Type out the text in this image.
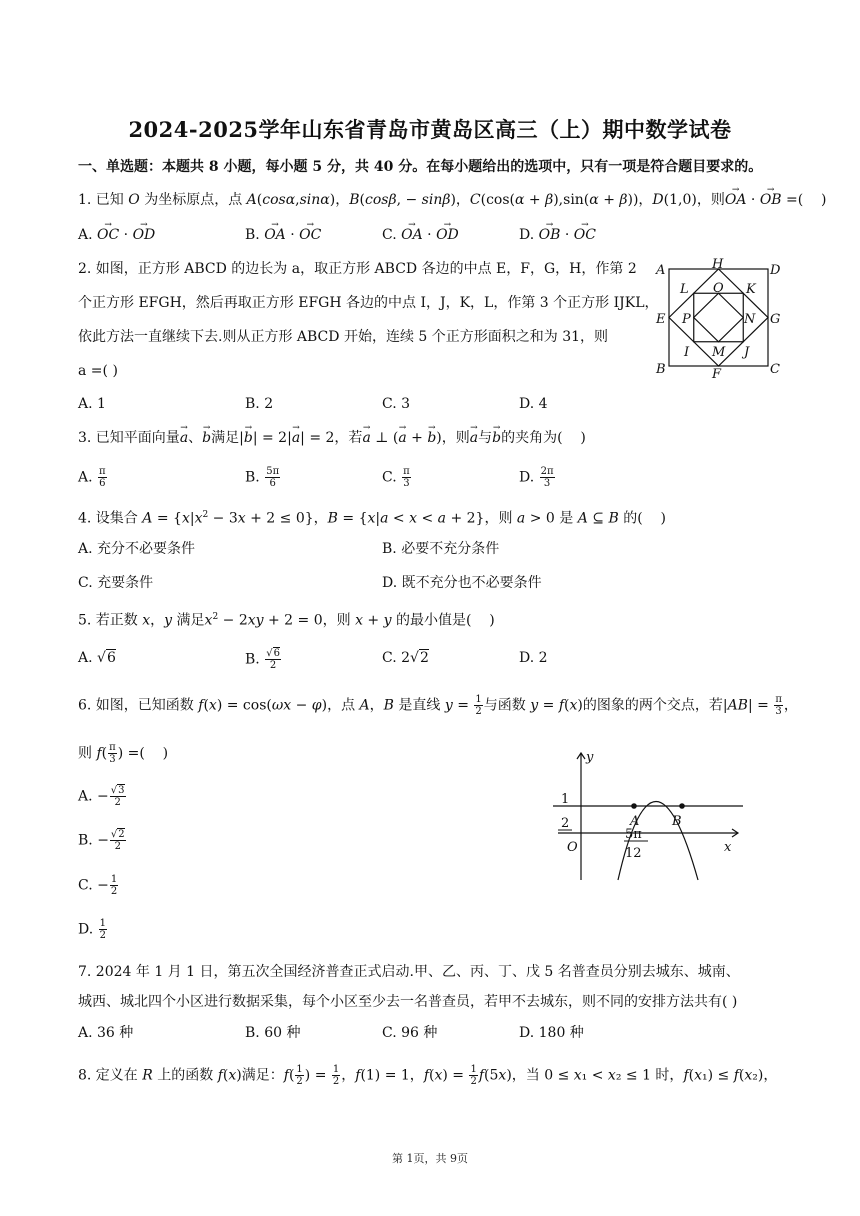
2024-2025学年山东省青岛市黄岛区高三（上）期中数学试卷
一、单选题：本题共 8 小题，每小题 5 分，共 40 分。在每小题给出的选项中，只有一项是符合题目要求的。
1. 已知 O 为坐标原点，点 A(cosα,sinα)，B(cosβ, − sinβ)，C(cos(α + β),sin(α + β))，D(1,0)，则→ OA · → OB =(    )
A. → OC · → OD	B. → OA · → OC	C. → OA · → OD	D. → OB · → OC
2. 如图，正方形 ABCD 的边长为 a，取正方形 ABCD 各边的中点 E，F，G，H，作第 2
个正方形 EFGH，然后再取正方形 EFGH 各边的中点 I，J，K，L，作第 3 个正方形 IJKL，
依此方法一直继续下去.则从正方形 ABCD 开始，连续 5 个正方形面积之和为 31，则
a =( )
A. 1	B. 2	C. 3	D. 4
A	H	D
L O K
E P	N G
I M J
B	F	C
3. 已知平面向量→ a、→ b满足|→ b| = 2|→ a| = 2，若→ a ⊥ (→ a + → b)，则→ a与→ b的夹角为(    )
A. $\frac{\pi}{6}$	B. $\frac{5\pi}{6}$	C. $\frac{\pi}{3}$	D. $\frac{2\pi}{3}$
4. 设集合 $A = \{x|x^2 - 3x + 2 \le 0\}$，B = {x|a < x < a + 2}，则 a > 0 是 A ⊆ B 的(    )
A. 充分不必要条件	B. 必要不充分条件
C. 充要条件	D. 既不充分也不必要条件
5. 若正数 x，y 满足$x^2 - 2xy + 2 = 0$，则 x + y 的最小值是(    )
A. √6	B. $\frac{√6}{2}$	C. 2√2	D. 2
6. 如图，已知函数 f(x) = cos(ωx − φ)，点 A，B 是直线 $y = \frac{1}{2}$ 与函数 y = f(x)的图象的两个交点，若$|AB| = \frac{\pi}{3}$ ，
则 $f( \frac{\pi}{3}$ ) =(    )
A. − $\frac{√3}{2}$
B. − $\frac{√2}{2}$
C. − $\frac{1}{2}$
D. $\frac{1}{2}$
y
x
O
1
2	A	B
5π
12
7. 2024 年 1 月 1 日，第五次全国经济普查正式启动.甲、乙、丙、丁、戊 5 名普查员分别去城东、城南、
城西、城北四个小区进行数据采集，每个小区至少去一名普查员，若甲不去城东，则不同的安排方法共有( )
A. 36 种	B. 60 种	C. 96 种	D. 180 种
8. 定义在 R 上的函数 f(x)满足：$f( \frac{1}{2}$ ) = $\frac{1}{2}$ ，f(1) = 1，$f(x) = \frac{1}{2} f(5x)$，当 0 ≤ x₁ < x₂ ≤ 1 时，f(x₁) ≤ f(x₂)，
第 1页，共 9页
